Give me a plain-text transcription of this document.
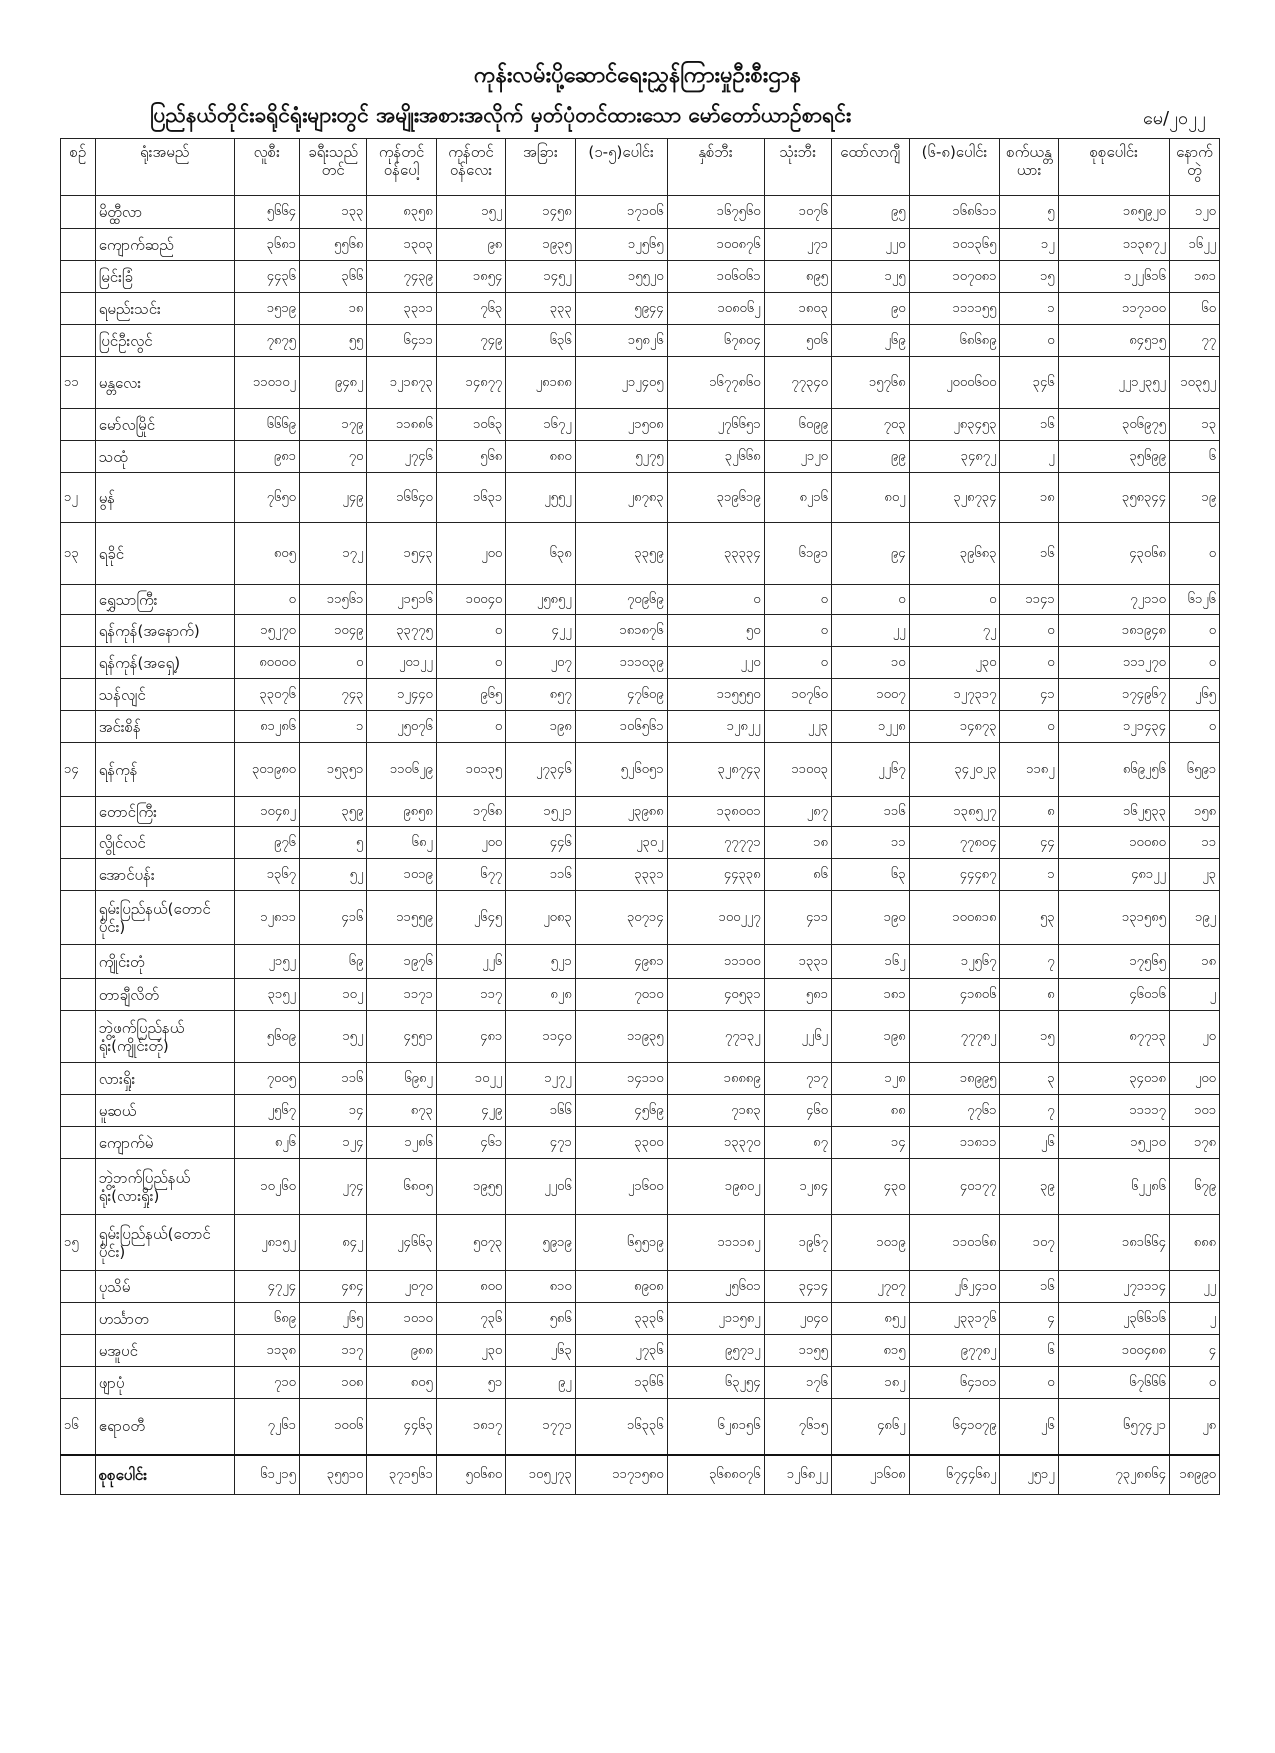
ကုန်းလမ်းပို့ဆောင်ရေးညွှန်ကြားမှုဦးစီးဌာန
ပြည်နယ်တိုင်းခရိုင်ရုံးများတွင် အမျိုးအစားအလိုက် မှတ်ပုံတင်ထားသော မော်တော်ယာဉ်စာရင်း	မေ/၂၀၂၂
စဉ်	ရုံးအမည်	လူစီး	ခရီးသည်တင်	ကုန်တင်ဝန်ပေါ့	ကုန်တင်ဝန်လေး	အခြား	(၁-၅)ပေါင်း	နှစ်ဘီး	သုံးဘီး	ထော်လာဂျီ	(၆-၈)ပေါင်း	စက်ယန္တယား	စုစုပေါင်း	နောက်တွဲ
	မိတ္ထီလာ	၅၆၆၄	၁၃၃	၈၃၅၈	၁၅၂	၁၄၅၈	၁၇၁၀၆	၁၆၇၅၆၀	၁၀၇၆	၉၅	၁၆၈၆၁၁	၅	၁၈၅၉၂၀	၁၂၀
	ကျောက်ဆည်	၃၆၈၁	၅၅၆၈	၁၃၀၃	၉၈	၁၉၃၅	၁၂၅၆၅	၁၀၀၈၇၆	၂၇၁	၂၂၀	၁၀၁၃၆၅	၁၂	၁၁၃၈၇၂	၁၆၂၂
	မြင်းခြံ	၄၄၃၆	၃၆၆	၇၄၃၉	၁၈၅၄	၁၄၅၂	၁၅၅၂၀	၁၀၆၀၆၁	၈၉၅	၁၂၅	၁၀၇၀၈၁	၁၅	၁၂၂၆၁၆	၁၈၁
	ရမည်းသင်း	၁၅၁၉	၁၈	၃၃၁၁	၇၆၃	၃၃၃	၅၉၄၄	၁၀၈၀၆၂	၁၈၀၃	၉၀	၁၁၁၁၅၅	၁	၁၁၇၁၀၀	၆၀
	ပြင်ဦးလွင်	၇၈၇၅	၅၅	၆၄၁၁	၇၄၉	၆၃၆	၁၅၈၂၆	၆၇၈၀၄	၅၀၆	၂၆၉	၆၈၆၈၉	၀	၈၄၅၁၅	၇၇
၁၁	မန္တလေး	၁၁၀၁၀၂	၉၄၈၂	၁၂၁၈၇၃	၁၄၈၇၇	၂၈၁၈၈	၂၁၂၄၀၅	၁၆၇၇၈၆၀	၇၇၃၄၀	၁၅၇၆၈	၂၀၀၀၆၀၀	၃၄၆	၂၂၁၂၃၅၂	၁၀၃၅၂
	မော်လမြိုင်	၆၆၆၉	၁၇၉	၁၁၈၈၆	၁၀၆၃	၁၆၇၂	၂၁၅၀၈	၂၇၆၆၅၁	၆၀၉၉	၇၀၃	၂၈၃၄၅၃	၁၆	၃၀၆၉၇၅	၁၃
	သထုံ	၉၈၁	၇၀	၂၇၄၆	၅၆၈	၈၈၀	၅၂၇၅	၃၂၆၆၈	၂၁၂၀	၉၉	၃၄၈၇၂	၂	၃၅၆၉၉	၆
၁၂	မွန်	၇၆၅၀	၂၄၉	၁၆၆၄၀	၁၆၃၁	၂၅၅၂	၂၈၇၈၃	၃၁၉၆၁၉	၈၂၁၆	၈၀၂	၃၂၈၇၃၄	၁၈	၃၅၈၃၄၄	၁၉
၁၃	ရခိုင်	၈၀၅	၁၇၂	၁၅၄၃	၂၀၀	၆၃၈	၃၃၅၉	၃၃၃၃၄	၆၁၉၁	၉၄	၃၉၆၈၃	၁၆	၄၃၀၆၈	၀
	ရွှေသာကြီး	၀	၁၁၅၆၁	၂၁၅၁၆	၁၀၀၄၀	၂၅၈၅၂	၇၀၉၆၉	၀	၀	၀	၀	၁၁၄၁	၇၂၁၁၀	၆၁၂၆
	ရန်ကုန်(အနောက်)	၁၅၂၇၀	၁၀၄၉	၃၃၇၇၅	၀	၄၂၂	၁၈၁၈၇၆	၅၀	၀	၂၂	၇၂	၀	၁၈၁၉၄၈	၀
	ရန်ကုန်(အရှေ့)	၈၀၀၀၀	၀	၂၀၁၂၂	၀	၂၀၇	၁၁၁၀၃၉	၂၂၀	၀	၁၀	၂၃၀	၀	၁၁၁၂၇၀	၀
	သန်လျင်	၃၃၀၇၆	၇၄၃	၁၂၄၄၀	၉၆၅	၈၅၇	၄၇၆၀၉	၁၁၅၅၅၀	၁၀၇၆၀	၁၀၀၇	၁၂၇၃၁၇	၄၁	၁၇၄၉၆၇	၂၆၅
	အင်းစိန်	၈၁၂၈၆	၁	၂၅၀၇၆	၀	၁၉၈	၁၀၆၅၆၁	၁၂၈၂၂	၂၂၃	၁၂၂၈	၁၄၈၇၃	၀	၁၂၁၄၃၄	၀
၁၄	ရန်ကုန်	၃၀၁၉၈၀	၁၅၃၅၁	၁၁၀၆၂၉	၁၀၁၃၅	၂၇၃၄၆	၅၂၆၀၅၁	၃၂၈၇၄၃	၁၁၀၀၃	၂၂၆၇	၃၄၂၀၂၃	၁၁၈၂	၈၆၉၂၅၆	၆၅၉၁
	တောင်ကြီး	၁၀၄၈၂	၃၅၉	၉၈၅၈	၁၇၆၈	၁၅၂၁	၂၃၉၈၈	၁၃၈၀၀၁	၂၈၇	၁၁၆	၁၃၈၅၂၇	၈	၁၆၂၅၃၃	၁၅၈
	လွိုင်လင်	၉၇၆	၅	၆၈၂	၂၀၀	၄၄၆	၂၃၀၂	၇၇၇၇၁	၁၈	၁၁	၇၇၈၀၄	၄၄	၁၀၀၈၀	၁၁
	အောင်ပန်း	၁၃၆၇	၅၂	၁၀၁၉	၆၇၇	၁၁၆	၃၃၃၁	၄၄၃၃၈	၈၆	၆၃	၄၄၄၈၇	၁	၄၈၁၂၂	၂၃
	ရှမ်းပြည်နယ်(တောင်ပိုင်း)	၁၂၈၁၁	၄၁၆	၁၁၅၅၉	၂၆၄၅	၂၀၈၃	၃၀၇၁၄	၁၀၀၂၂၇	၄၁၁	၁၉၀	၁၀၀၈၁၈	၅၃	၁၃၁၅၈၅	၁၉၂
	ကျိုင်းတုံ	၂၁၅၂	၆၉	၁၉၇၆	၂၂၆	၅၂၁	၄၉၈၁	၁၁၁၀၀	၁၃၃၁	၁၆၂	၁၂၅၆၇	၇	၁၇၅၆၅	၁၈
	တာချီလိတ်	၃၁၅၂	၁၀၂	၁၁၇၁	၁၁၇	၈၂၈	၇၀၁၀	၄၀၅၃၁	၅၈၁	၁၈၁	၄၁၈၀၆	၈	၄၆၀၁၆	၂
	ဘွဲ့ဖက်ပြည်နယ်ရုံး(ကျိုင်းတုံ)	၅၆၀၉	၁၅၂	၄၅၅၁	၄၈၁	၁၁၄၀	၁၁၉၃၅	၇၇၁၃၂	၂၂၆၂	၁၉၈	၇၇၇၈၂	၁၅	၈၇၇၁၃	၂၀
	လားရှိုး	၇၀၀၅	၁၁၆	၆၉၈၂	၁၀၂၂	၁၂၇၂	၁၄၁၁၀	၁၈၈၈၉	၇၁၇	၁၂၈	၁၈၉၉၅	၃	၃၄၀၁၈	၂၀၀
	မူဆယ်	၂၅၆၇	၁၄	၈၇၃	၄၂၉	၁၆၆	၄၅၆၉	၇၁၈၃	၄၆၀	၈၈	၇၇၆၁	၇	၁၁၁၁၇	၁၀၁
	ကျောက်မဲ	၈၂၆	၁၂၄	၁၂၈၆	၄၆၁	၄၇၁	၃၃၀၀	၁၃၃၇၀	၈၇	၁၄	၁၁၈၁၁	၂၆	၁၅၂၁၀	၁၇၈
	ဘွဲ့ဘက်ပြည်နယ်ရုံး(လားရှိုး)	၁၀၂၆၀	၂၇၄	၆၈၀၅	၁၉၅၅	၂၂၀၆	၂၁၆၀၀	၁၉၈၀၂	၁၂၈၄	၄၃၀	၄၀၁၇၇	၃၉	၆၂၂၈၆	၆၇၉
၁၅	ရှမ်းပြည်နယ်(တောင်ပိုင်း)	၂၈၁၅၂	၈၄၂	၂၄၆၆၃	၅၀၇၃	၅၉၁၉	၆၅၅၁၉	၁၁၁၁၈၂	၁၉၆၇	၁၀၁၉	၁၁၀၁၆၈	၁၀၇	၁၈၁၆၆၄	၈၈၈
	ပုသိမ်	၄၇၂၄	၄၈၄	၂၀၇၀	၈၀၀	၈၁၀	၈၉၀၈	၂၅၆၀၁	၃၄၁၄	၂၇၀၇	၂၆၂၄၁၀	၁၆	၂၇၁၁၁၄	၂၂
	ဟင်္သာတ	၆၈၉	၂၆၅	၁၀၁၀	၇၃၆	၅၈၆	၃၃၃၆	၂၁၁၅၈၂	၂၀၄၀	၈၅၂	၂၃၃၁၇၆	၄	၂၃၆၆၁၆	၂
	မအူပင်	၁၁၃၈	၁၁၇	၉၈၈	၂၃၀	၂၆၃	၂၇၃၆	၉၅၇၁၂	၁၁၅၅	၈၁၅	၉၇၇၈၂	၆	၁၀၀၄၈၈	၄
	ဖျာပုံ	၇၁၀	၁၀၈	၈၀၅	၅၁	၉၂	၁၃၆၆	၆၃၂၅၄	၁၇၆	၁၈၂	၆၄၁၀၁	၀	၆၇၆၆၆	၀
၁၆	ဧရာဝတီ	၇၂၆၁	၁၀၀၆	၄၄၆၃	၁၈၁၇	၁၇၇၁	၁၆၃၃၆	၆၂၈၁၅၆	၇၆၁၅	၄၈၆၂	၆၄၁၀၇၉	၂၆	၆၅၇၄၂၁	၂၈
	စုစုပေါင်း	၆၁၂၁၅	၃၅၅၁၀	၃၇၁၅၆၁	၅၀၆၈၀	၁၀၅၂၇၃	၁၁၇၁၅၈၀	၃၆၈၈၀၇၆	၁၂၆၈၂၂	၂၁၆၀၈	၆၇၄၄၆၈၂	၂၅၁၂	၇၃၂၈၈၆၄	၁၈၉၉၀
